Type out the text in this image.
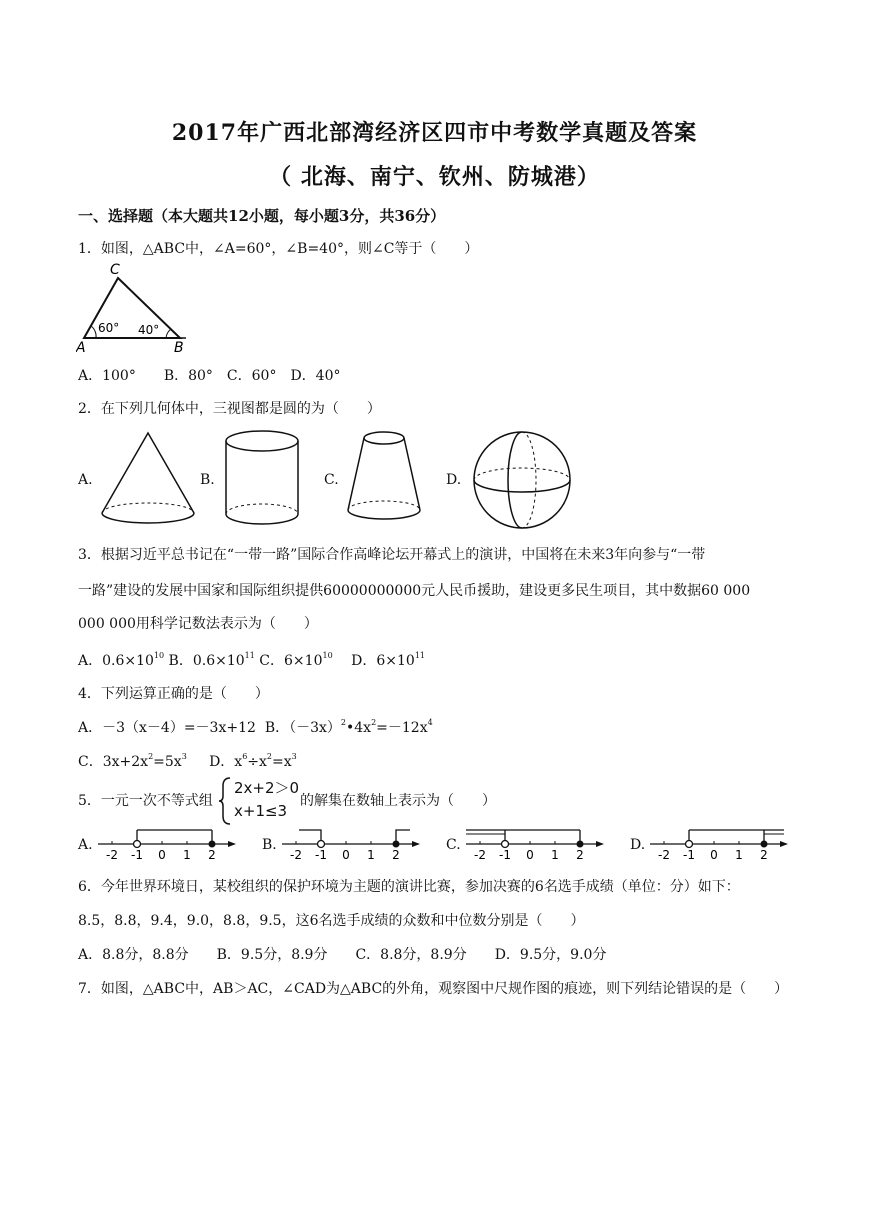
2017年广西北部湾经济区四市中考数学真题及答案
（ 北海、南宁、钦州、防城港）
一、选择题（本大题共12小题，每小题3分，共36分）
1．如图，△ABC中，∠A=60°，∠B=40°，则∠C等于（　　）
C
A	B
60° 40°
A．100°　　B．80°　C．60°　D．40°
2．在下列几何体中，三视图都是圆的为（　　）
A.	B.	C.	D.
3．根据习近平总书记在“一带一路”国际合作高峰论坛开幕式上的演讲，中国将在未来3年向参与“一带
一路”建设的发展中国家和国际组织提供60000000000元人民币援助，建设更多民生项目，其中数据60 000
000 000用科学记数法表示为（　　）
A．$0.6\times 10^{10}$ B．$0.6\times 10^{11}$ C．$6\times 10^{10}$　 D．$6\times 10^{11}$
4．下列运算正确的是（　　）
A．－3（x－4）=－3x+12 B．$(-3x)^2•4x^2=-12x^4$
C．$3x+2x^2=5x^3$ D．$x^6\div x^2=x^3$
5．一元一次不等式组
2x+2＞0
x+1≤3
的解集在数轴上表示为（　　）
A.	B.	C.	D.
-2 -1 0 1 2	-2 -1 0 1 2	-2 -1 0 1 2	-2 -1 0 1 2
6．今年世界环境日，某校组织的保护环境为主题的演讲比赛，参加决赛的6名选手成绩（单位：分）如下：
8.5，8.8，9.4，9.0，8.8，9.5，这6名选手成绩的众数和中位数分别是（　　）
A．8.8分，8.8分　　B．9.5分，8.9分　　C．8.8分，8.9分　　D．9.5分，9.0分
7．如图，△ABC中，AB＞AC，∠CAD为△ABC的外角，观察图中尺规作图的痕迹，则下列结论错误的是（　　）
